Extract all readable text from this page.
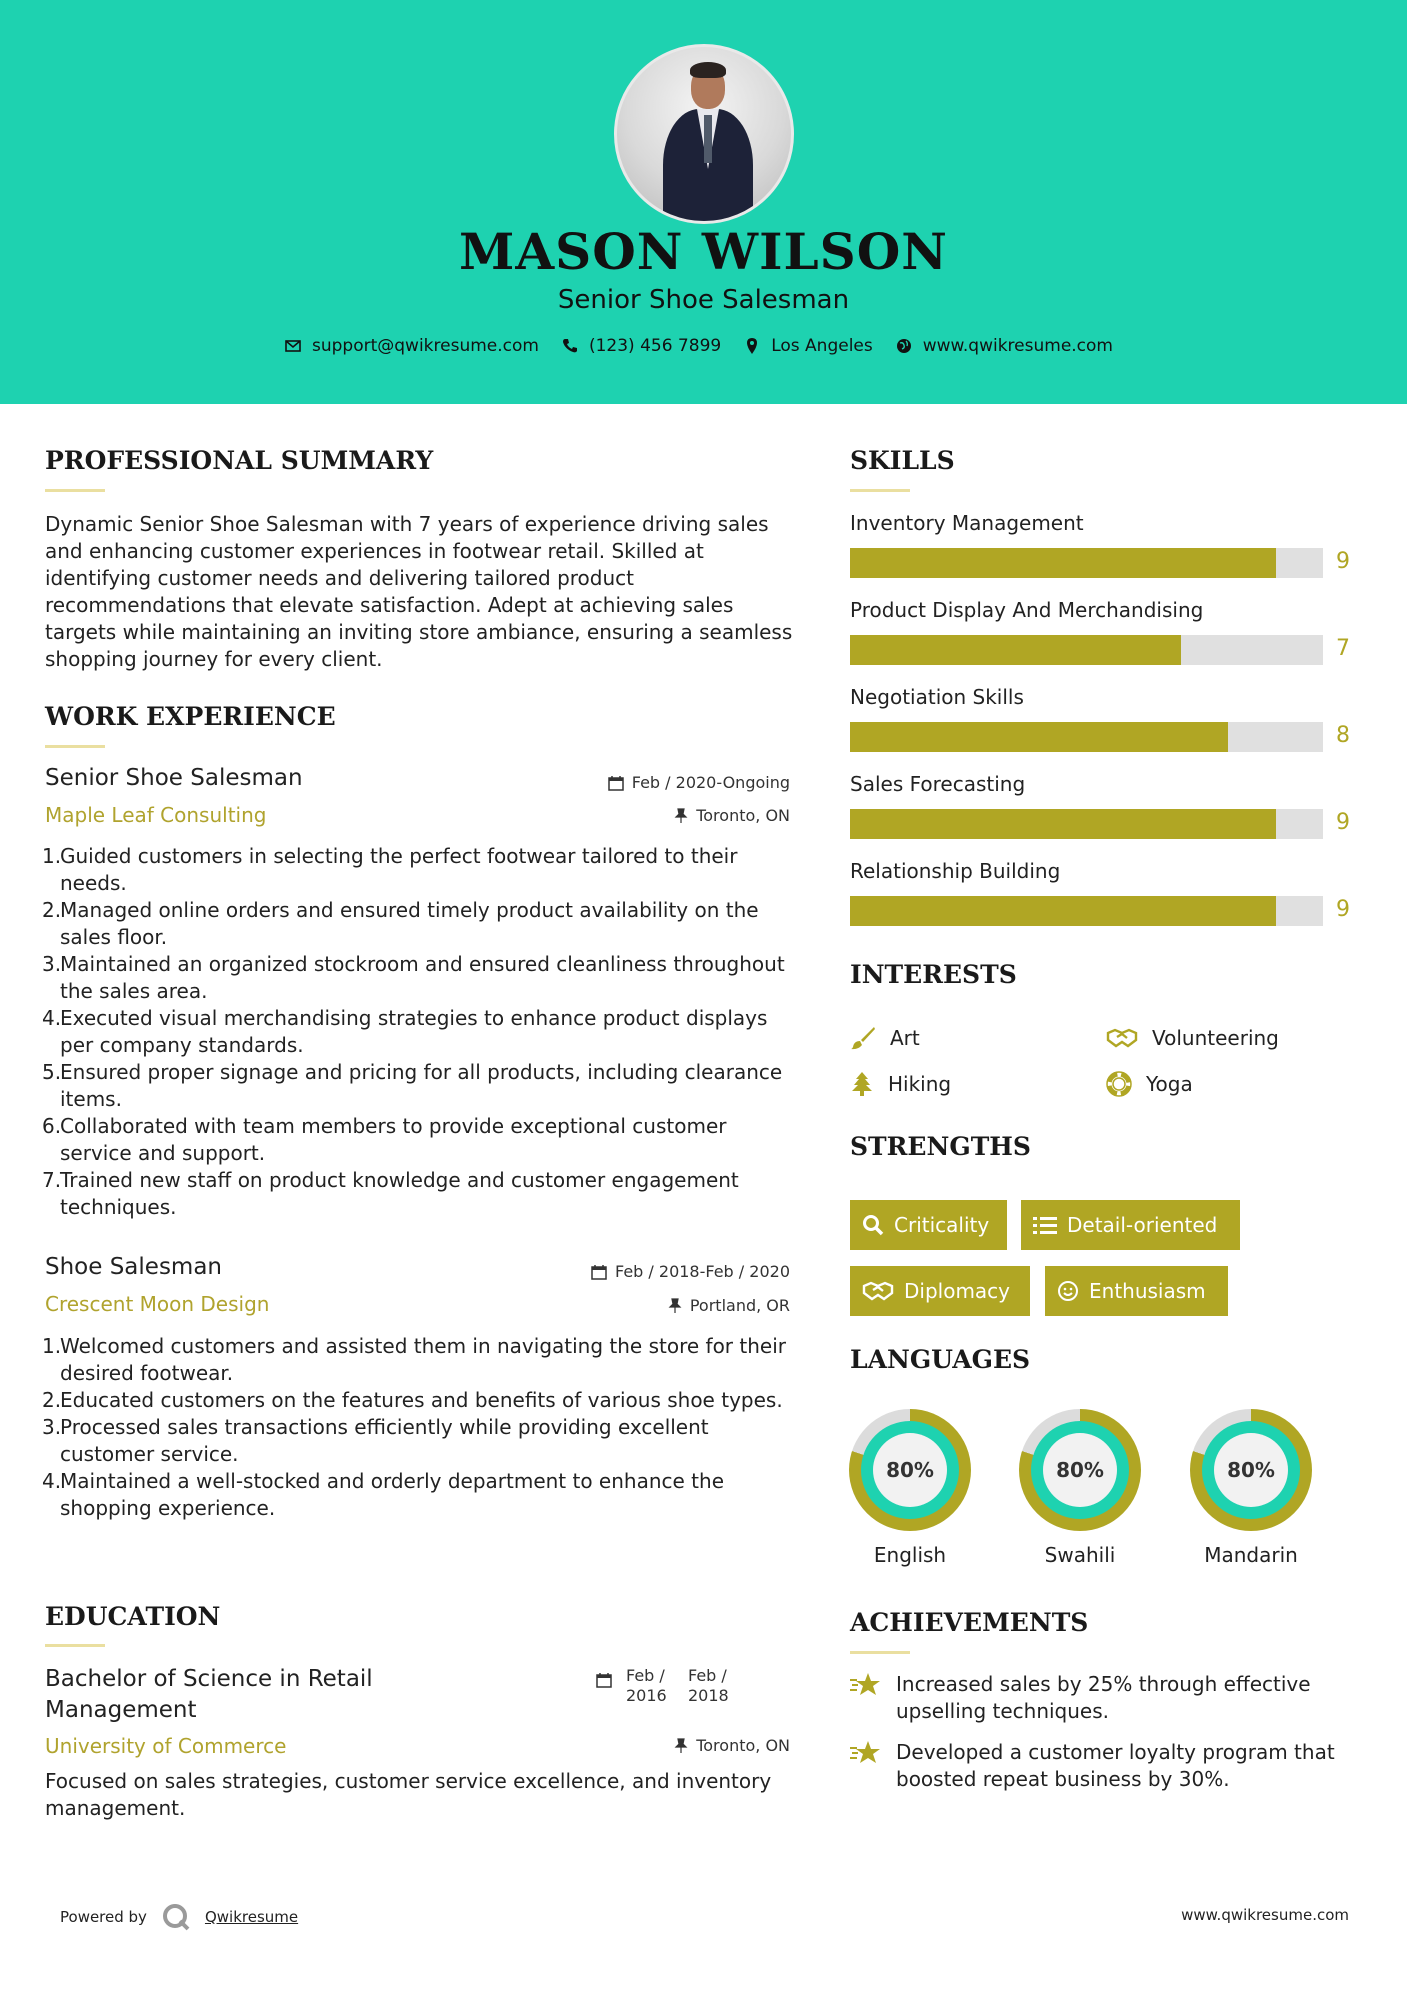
MASON WILSON
Senior Shoe Salesman
support@qwikresume.com	(123) 456 7899	Los Angeles	www.qwikresume.com
PROFESSIONAL SUMMARY
Dynamic Senior Shoe Salesman with 7 years of experience driving sales and enhancing customer experiences in footwear retail. Skilled at identifying customer needs and delivering tailored product recommendations that elevate satisfaction. Adept at achieving sales targets while maintaining an inviting store ambiance, ensuring a seamless shopping journey for every client.
WORK EXPERIENCE
Senior Shoe Salesman	Feb / 2020-Ongoing
Maple Leaf Consulting	Toronto, ON
1.
Guided customers in selecting the perfect footwear tailored to their needs.
2.
Managed online orders and ensured timely product availability on the sales floor.
3.
Maintained an organized stockroom and ensured cleanliness throughout the sales area.
4.
Executed visual merchandising strategies to enhance product displays per company standards.
5.
Ensured proper signage and pricing for all products, including clearance items.
6.
Collaborated with team members to provide exceptional customer service and support.
7.
Trained new staff on product knowledge and customer engagement techniques.
Shoe Salesman	Feb / 2018-Feb / 2020
Crescent Moon Design	Portland, OR
1.
Welcomed customers and assisted them in navigating the store for their desired footwear.
2.
Educated customers on the features and benefits of various shoe types.
3.
Processed sales transactions efficiently while providing excellent customer service.
4.
Maintained a well-stocked and orderly department to enhance the shopping experience.
EDUCATION
Bachelor of Science in Retail Management
Feb / 2016
Feb / 2018
University of Commerce	Toronto, ON
Focused on sales strategies, customer service excellence, and inventory management.
SKILLS
Inventory Management
9
Product Display And Merchandising
7
Negotiation Skills
8
Sales Forecasting
9
Relationship Building
9
INTERESTS
Art	Volunteering
Hiking	Yoga
STRENGTHS
Criticality	Detail-oriented
Diplomacy	Enthusiasm
LANGUAGES
80%
English
80%
Swahili
80%
Mandarin
ACHIEVEMENTS
Increased sales by 25% through effective upselling techniques.
Developed a customer loyalty program that boosted repeat business by 30%.
Powered by	Qwikresume	www.qwikresume.com
